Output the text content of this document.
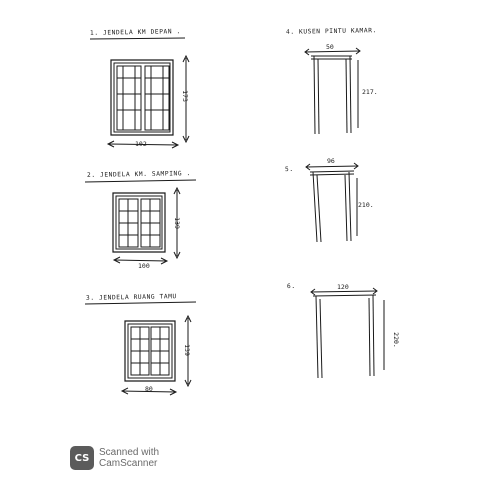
1. JENDELA KM DEPAN .
173
102
2. JENDELA KM. SAMPING .
139
100
3. JENDELA RUANG TAMU
139
80
4. KUSEN PINTU KAMAR.
50
217.
5.
96
210.
6.	120
220.
CS Scanned with
CamScanner
